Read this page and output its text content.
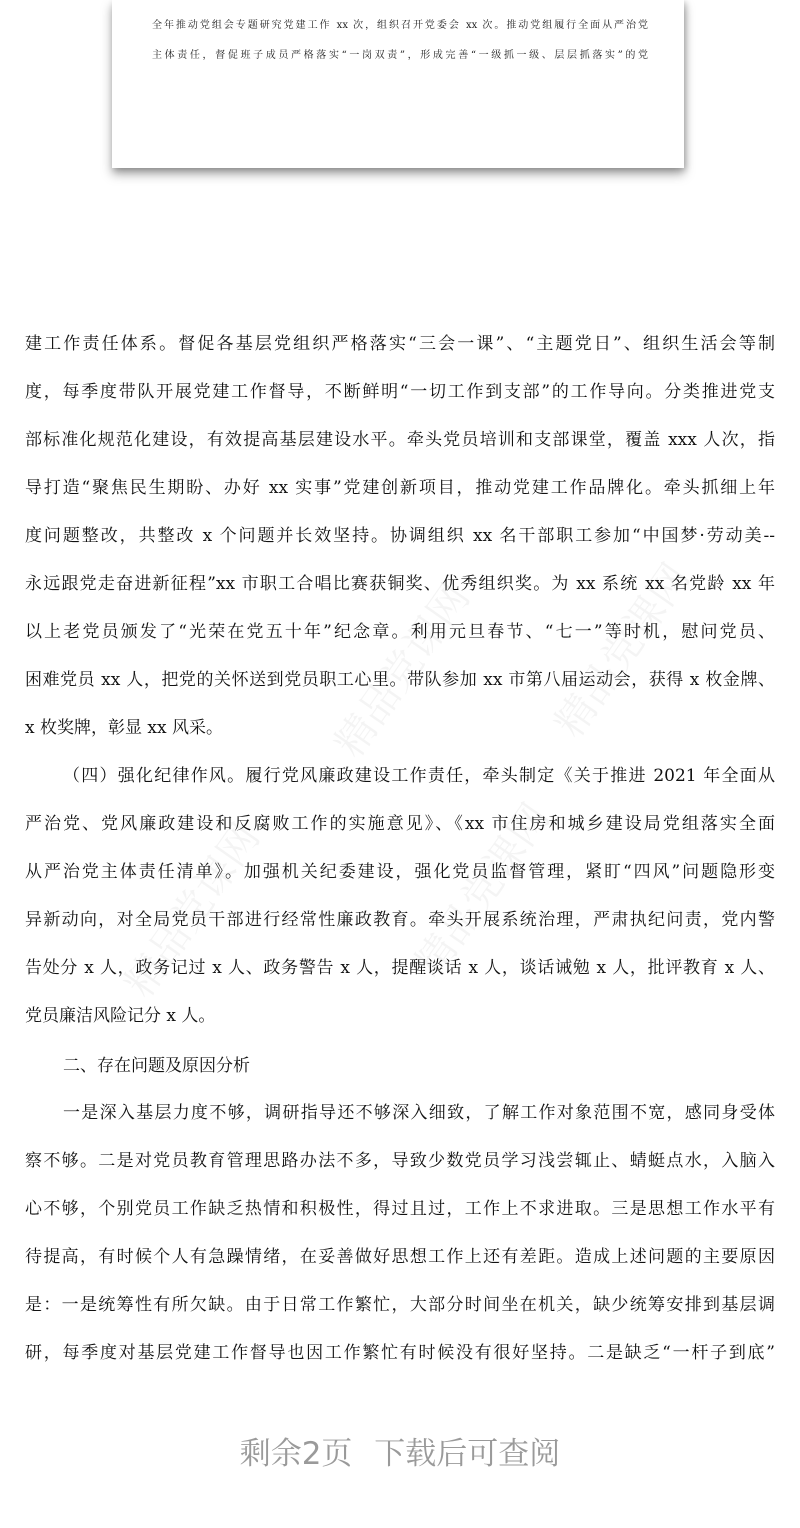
全年推动党组会专题研究党建工作 xx 次，组织召开党委会 xx 次。推动党组履行全面从严治党
主体责任，督促班子成员严格落实“一岗双责”，形成完善“一级抓一级、层层抓落实”的党
建工作责任体系。督促各基层党组织严格落实“三会一课”、“主题党日”、组织生活会等制
度，每季度带队开展党建工作督导，不断鲜明“一切工作到支部”的工作导向。分类推进党支
部标准化规范化建设，有效提高基层建设水平。牵头党员培训和支部课堂，覆盖 xxx 人次，指
导打造“聚焦民生期盼、办好 xx 实事”党建创新项目，推动党建工作品牌化。牵头抓细上年
度问题整改，共整改 x 个问题并长效坚持。协调组织 xx 名干部职工参加“中国梦·劳动美--
永远跟党走奋进新征程”xx 市职工合唱比赛获铜奖、优秀组织奖。为 xx 系统 xx 名党龄 xx 年
以上老党员颁发了“光荣在党五十年”纪念章。利用元旦春节、“七一”等时机，慰问党员、
困难党员 xx 人，把党的关怀送到党员职工心里。带队参加 xx 市第八届运动会，获得 x 枚金牌、
x 枚奖牌，彰显 xx 风采。
（四）强化纪律作风。履行党风廉政建设工作责任，牵头制定《关于推进 2021 年全面从
严治党、党风廉政建设和反腐败工作的实施意见》、《xx 市住房和城乡建设局党组落实全面
从严治党主体责任清单》。加强机关纪委建设，强化党员监督管理，紧盯“四风”问题隐形变
异新动向，对全局党员干部进行经常性廉政教育。牵头开展系统治理，严肃执纪问责，党内警
告处分 x 人，政务记过 x 人、政务警告 x 人，提醒谈话 x 人，谈话诫勉 x 人，批评教育 x 人、
党员廉洁风险记分 x 人。
二、存在问题及原因分析
一是深入基层力度不够，调研指导还不够深入细致，了解工作对象范围不宽，感同身受体
察不够。二是对党员教育管理思路办法不多，导致少数党员学习浅尝辄止、蜻蜓点水，入脑入
心不够，个别党员工作缺乏热情和积极性，得过且过，工作上不求进取。三是思想工作水平有
待提高，有时候个人有急躁情绪，在妥善做好思想工作上还有差距。造成上述问题的主要原因
是：一是统筹性有所欠缺。由于日常工作繁忙，大部分时间坐在机关，缺少统筹安排到基层调
研，每季度对基层党建工作督导也因工作繁忙有时候没有很好坚持。二是缺乏“一杆子到底”
剩余2页 下载后可查阅
